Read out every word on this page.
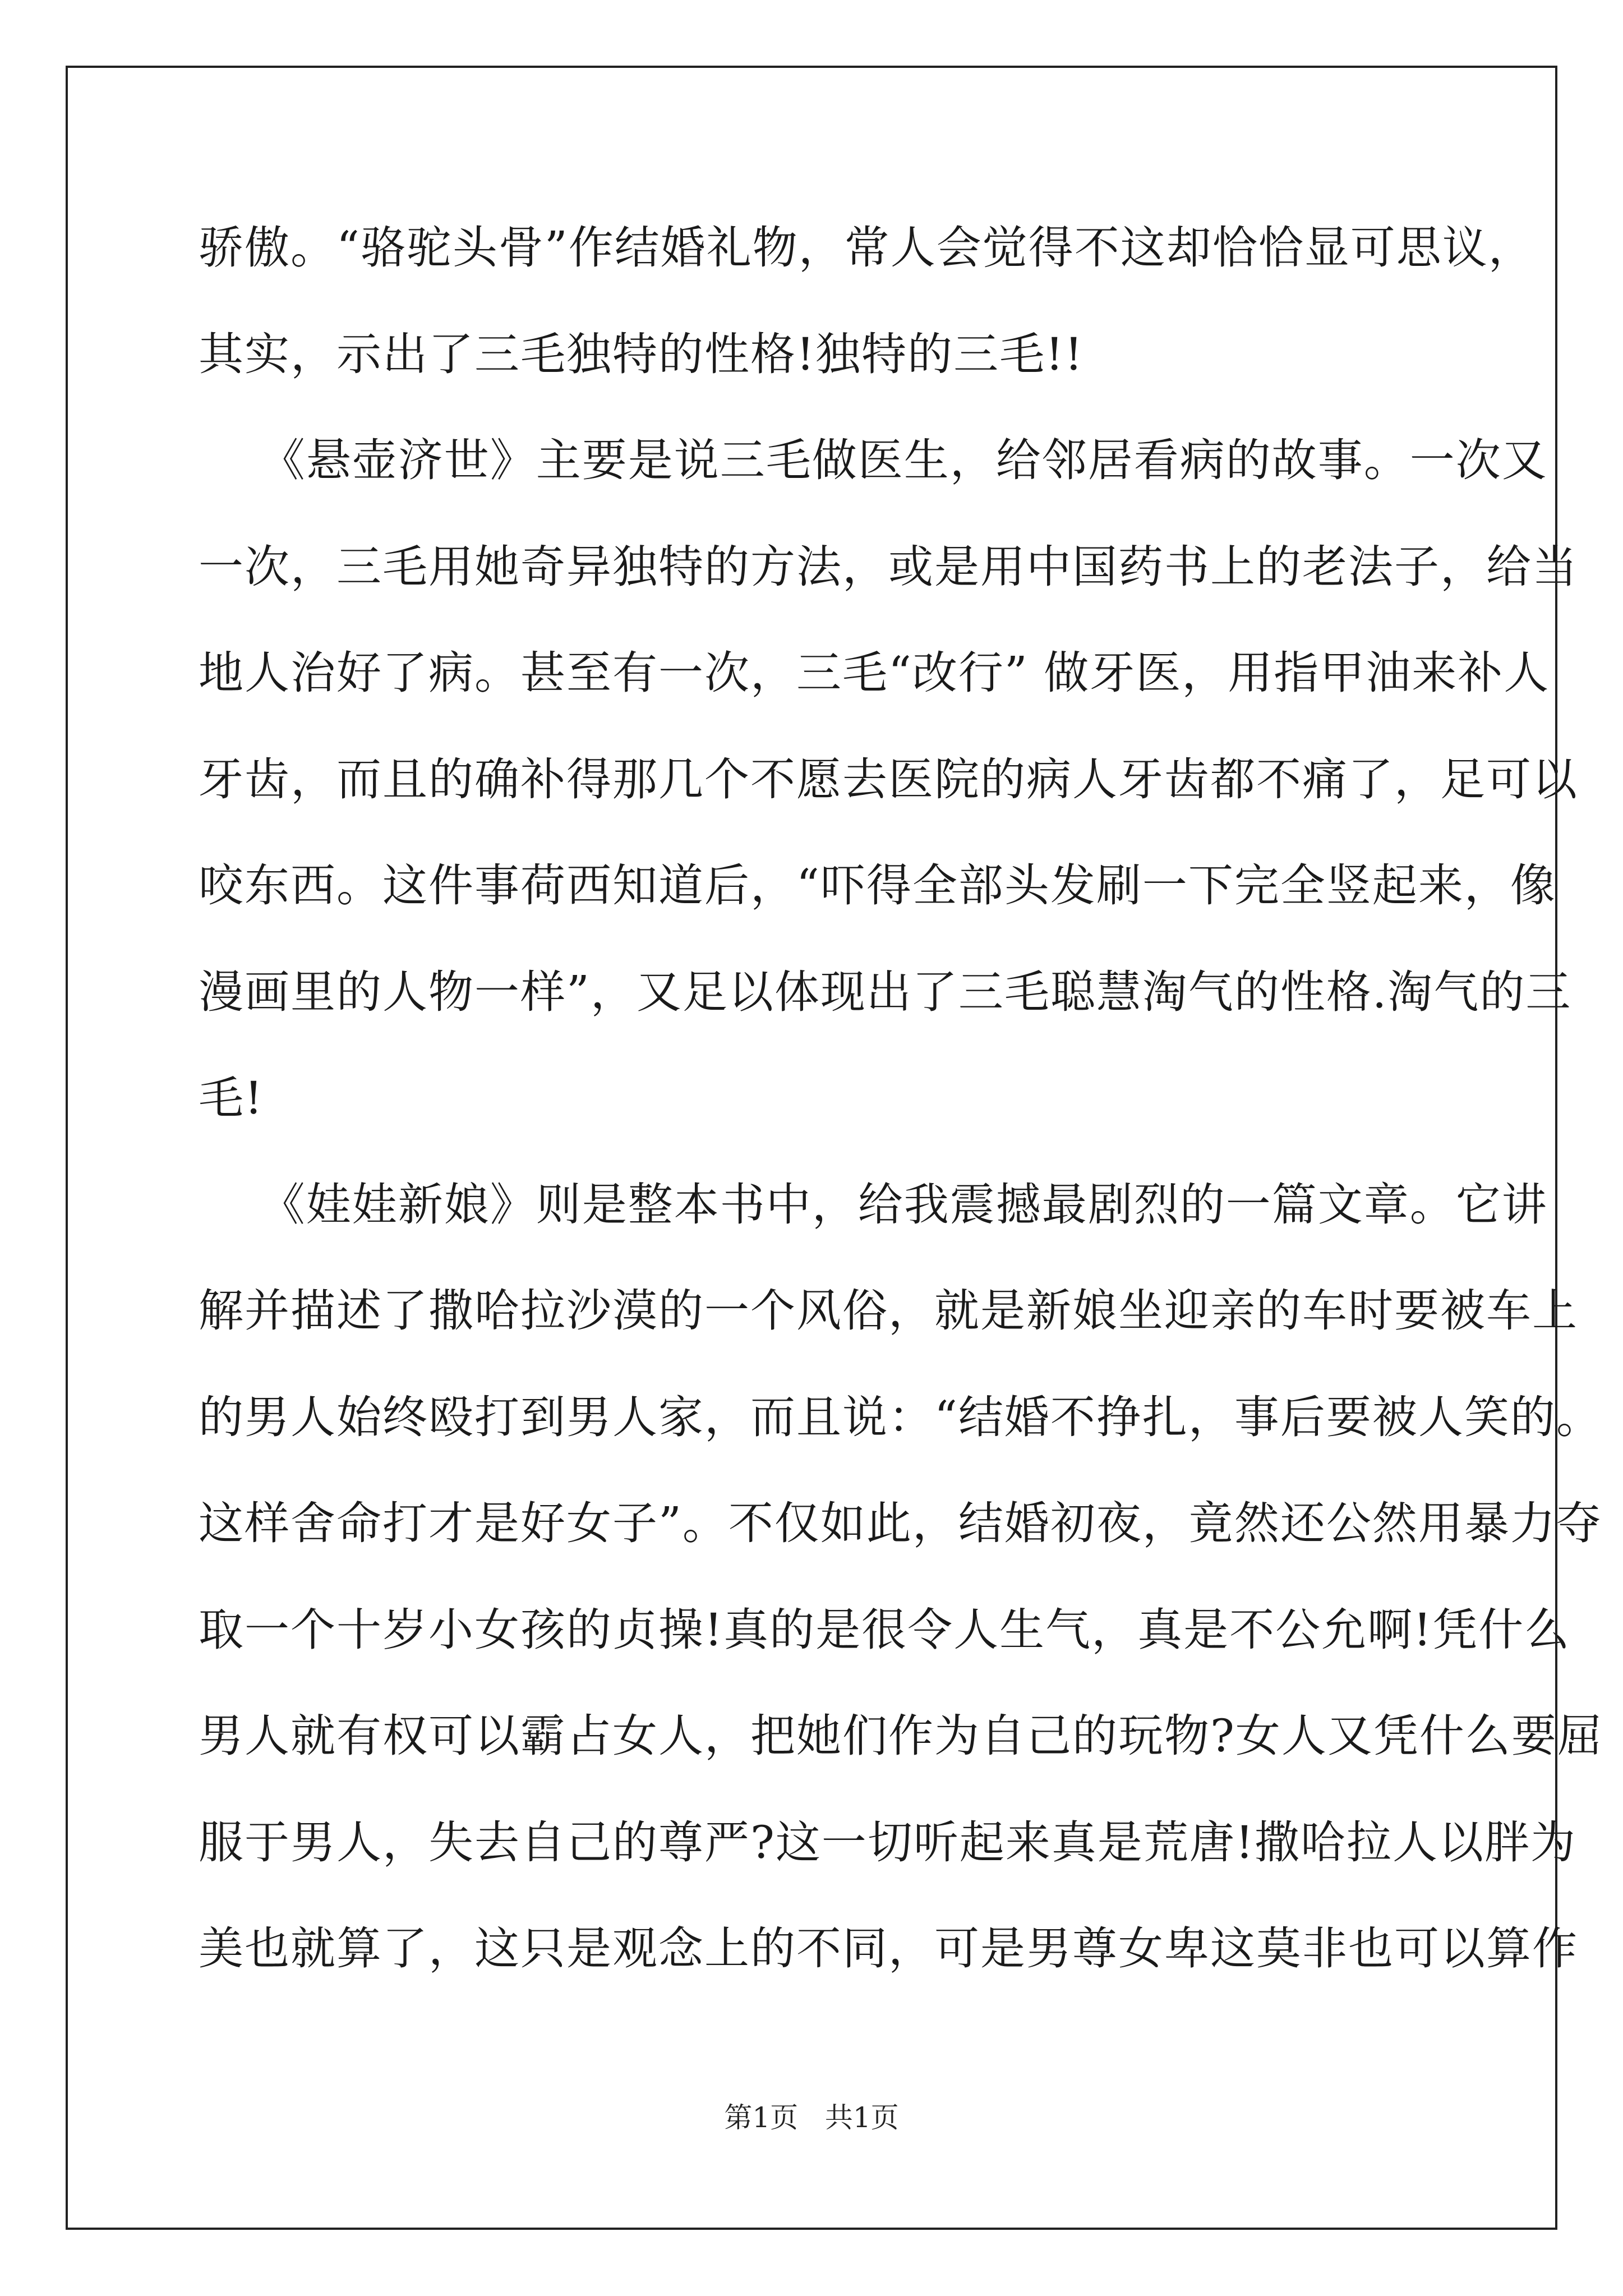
骄傲。“骆驼头骨”作结婚礼物，常人会觉得不这却恰恰显可思议，
其实，示出了三毛独特的性格!独特的三毛!!
《悬壶济世》主要是说三毛做医生，给邻居看病的故事。一次又
一次，三毛用她奇异独特的方法，或是用中国药书上的老法子，给当
地人治好了病。甚至有一次，三毛“改行” 做牙医，用指甲油来补人
牙齿，而且的确补得那几个不愿去医院的病人牙齿都不痛了，足可以
咬东西。这件事荷西知道后，“吓得全部头发刷一下完全竖起来，像
漫画里的人物一样”，又足以体现出了三毛聪慧淘气的性格.淘气的三
毛!
《娃娃新娘》则是整本书中，给我震撼最剧烈的一篇文章。它讲
解并描述了撒哈拉沙漠的一个风俗，就是新娘坐迎亲的车时要被车上
的男人始终殴打到男人家，而且说：“结婚不挣扎，事后要被人笑的。
这样舍命打才是好女子”。不仅如此，结婚初夜，竟然还公然用暴力夺
取一个十岁小女孩的贞操!真的是很令人生气，真是不公允啊!凭什么
男人就有权可以霸占女人，把她们作为自己的玩物?女人又凭什么要屈
服于男人，失去自己的尊严?这一切听起来真是荒唐!撒哈拉人以胖为
美也就算了，这只是观念上的不同，可是男尊女卑这莫非也可以算作
第1页   共1页
